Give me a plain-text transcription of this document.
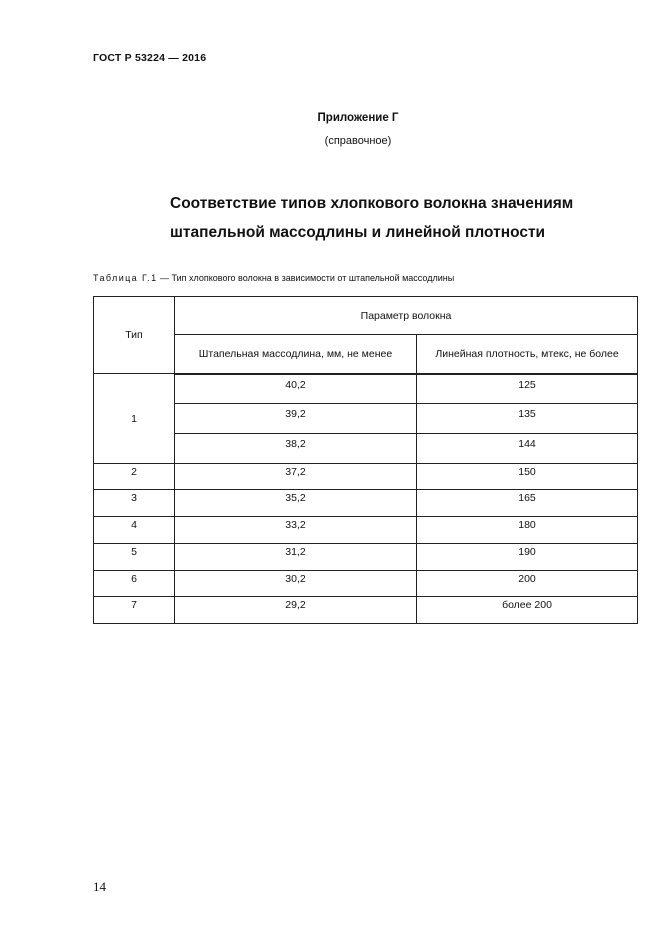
ГОСТ Р 53224 — 2016
Приложение Г
(справочное)
Соответствие типов хлопкового волокна значениям
штапельной массодлины и линейной плотности
Таблица Г.1 — Тип хлопкового волокна в зависимости от штапельной массодлины
Тип	Параметр волокна	
	Штапельная массодлина, мм, не менее	Линейная плотность, мтекс, не более
1	40,2	125
	39,2	135
	38,2	144
2	37,2	150
3	35,2	165
4	33,2	180
5	31,2	190
6	30,2	200
7	29,2	более 200
14
